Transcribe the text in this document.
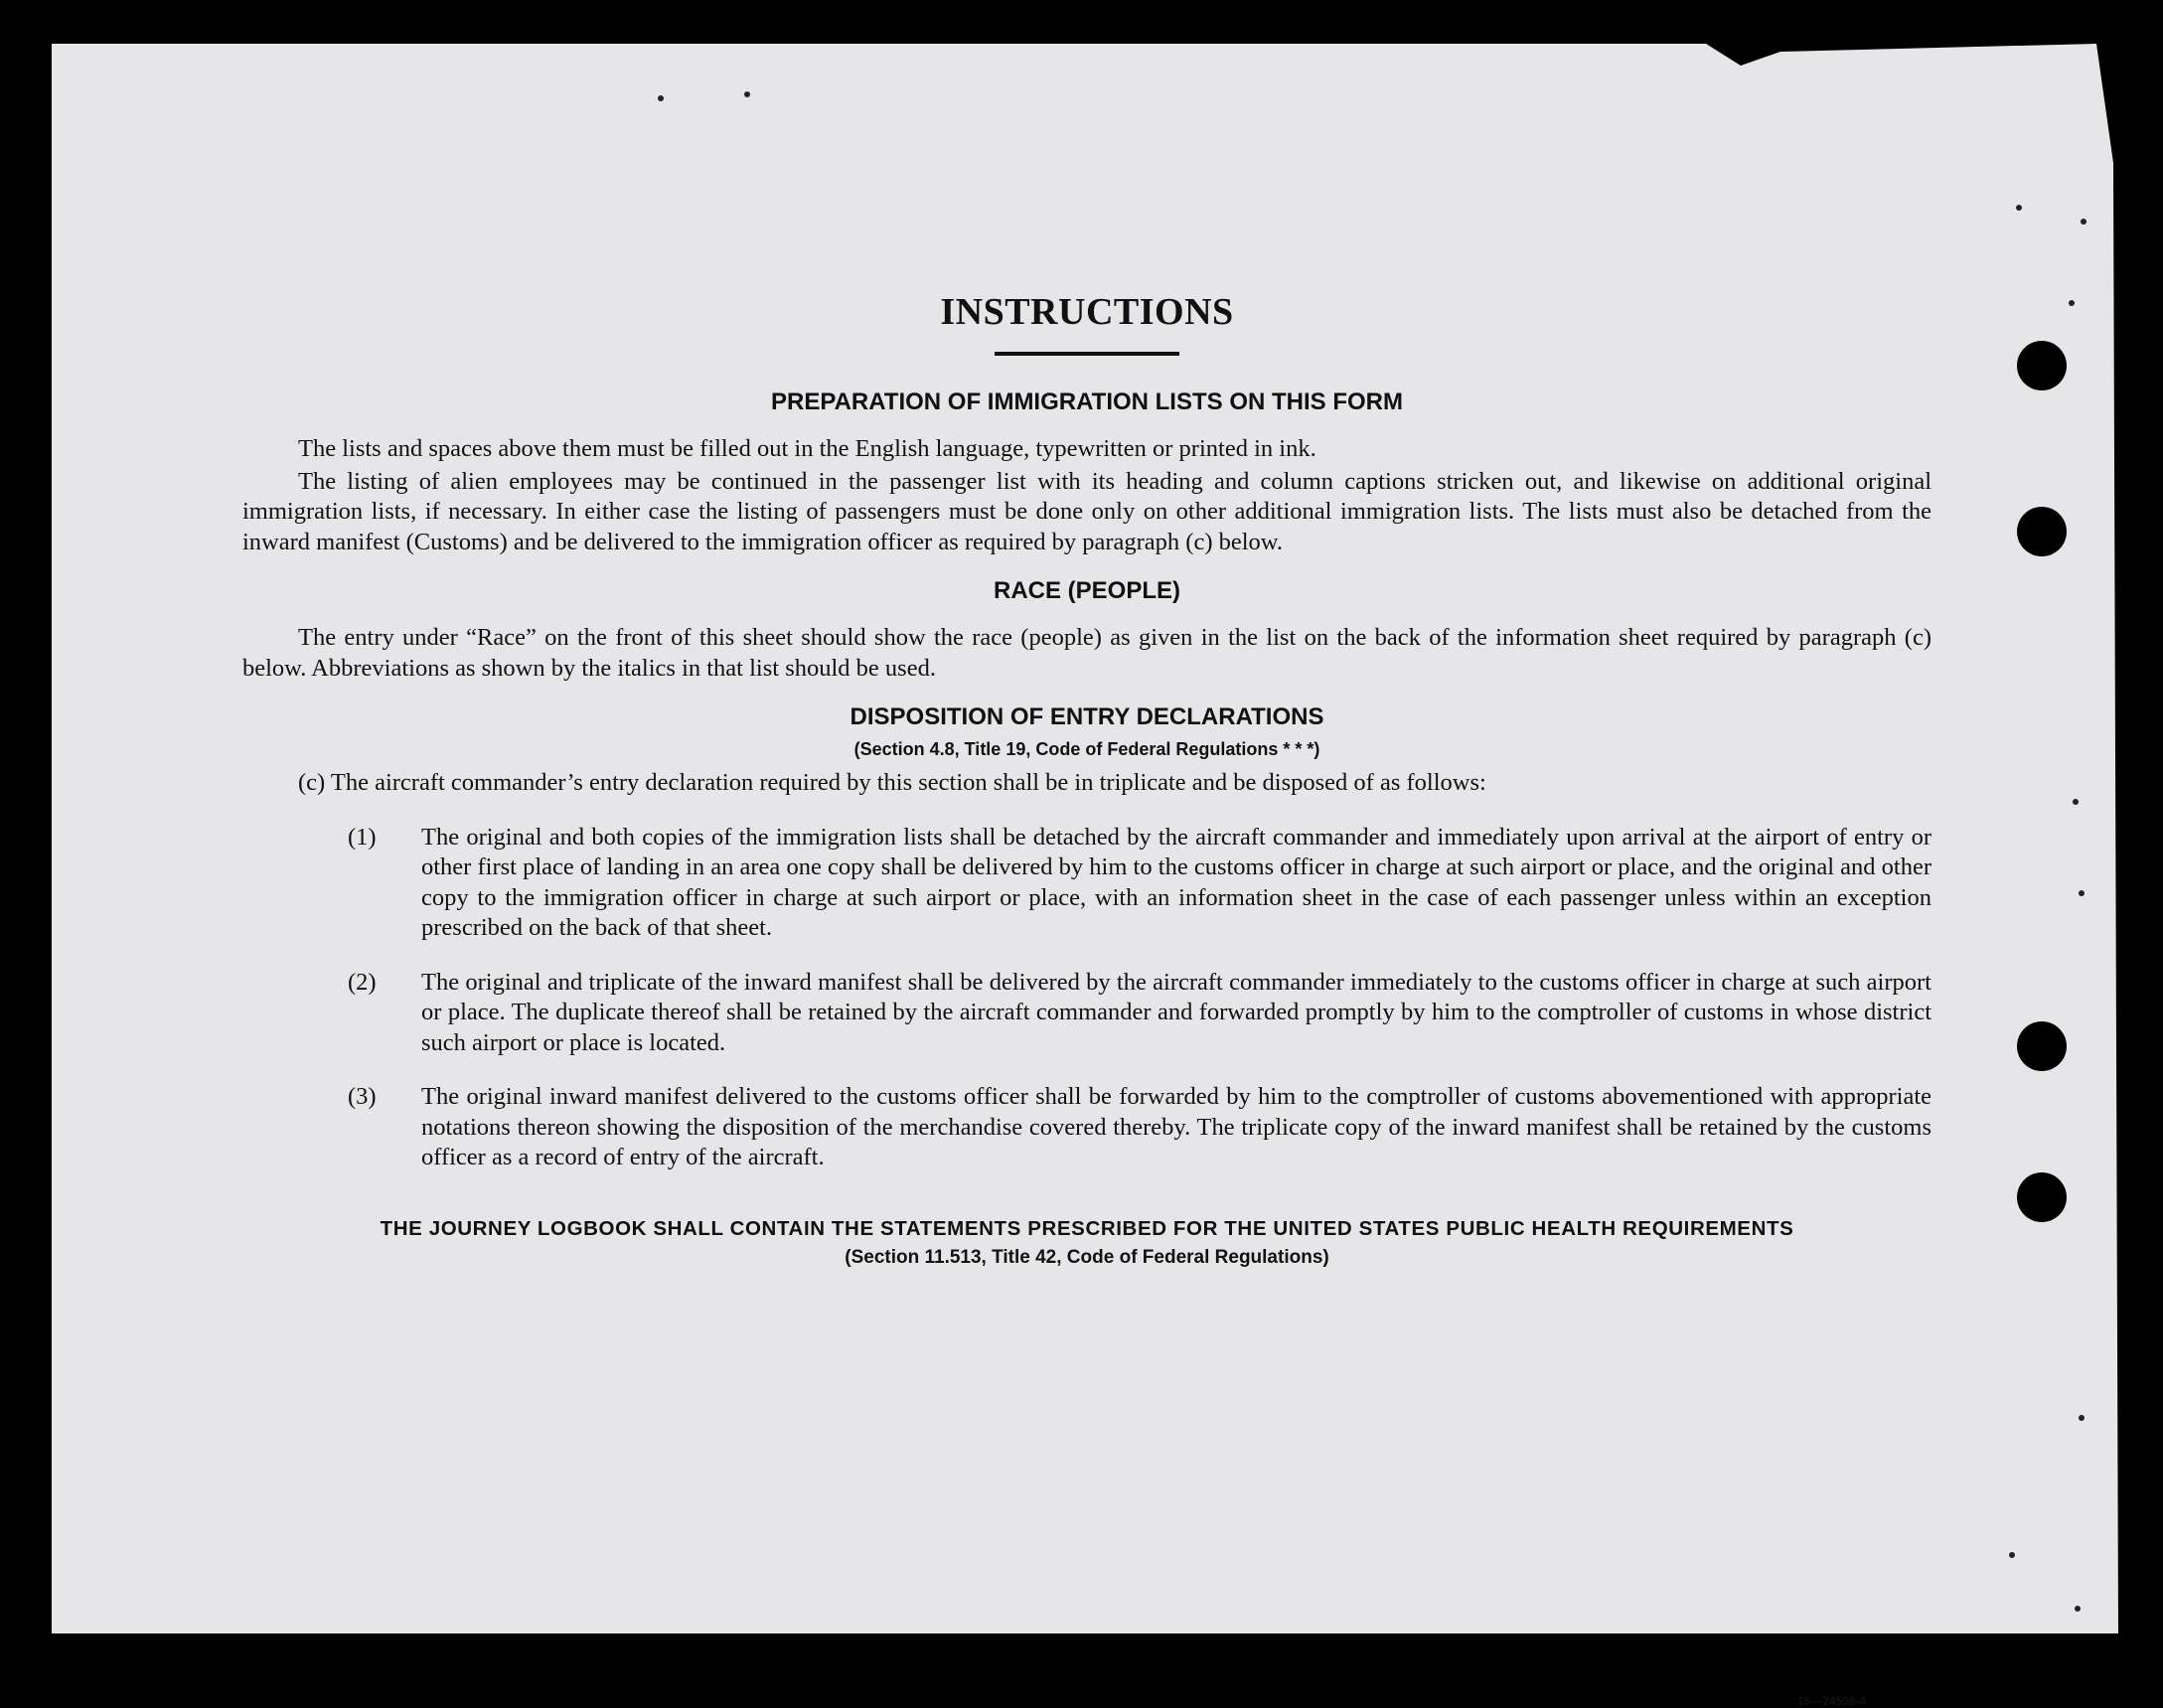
INSTRUCTIONS
PREPARATION OF IMMIGRATION LISTS ON THIS FORM

The lists and spaces above them must be filled out in the English language, typewritten or printed in ink.

The listing of alien employees may be continued in the passenger list with its heading and column captions stricken out, and likewise on additional original immigration lists, if necessary. In either case the listing of passengers must be done only on other additional immigration lists. The lists must also be detached from the inward manifest (Customs) and be delivered to the immigration officer as required by paragraph (c) below.

RACE (PEOPLE)

The entry under “Race” on the front of this sheet should show the race (people) as given in the list on the back of the information sheet required by paragraph (c) below. Abbreviations as shown by the italics in that list should be used.

DISPOSITION OF ENTRY DECLARATIONS
(Section 4.8, Title 19, Code of Federal Regulations * * *)

(c) The aircraft commander’s entry declaration required by this section shall be in triplicate and be disposed of as follows:

(1) The original and both copies of the immigration lists shall be detached by the aircraft commander and immediately upon arrival at the airport of entry or other first place of landing in an area one copy shall be delivered by him to the customs officer in charge at such airport or place, and the original and other copy to the immigration officer in charge at such airport or place, with an information sheet in the case of each passenger unless within an exception prescribed on the back of that sheet.
(2) The original and triplicate of the inward manifest shall be delivered by the aircraft commander immediately to the customs officer in charge at such airport or place. The duplicate thereof shall be retained by the aircraft commander and forwarded promptly by him to the comptroller of customs in whose district such airport or place is located.
(3) The original inward manifest delivered to the customs officer shall be forwarded by him to the comptroller of customs abovementioned with appropriate notations thereon showing the disposition of the merchandise covered thereby. The triplicate copy of the inward manifest shall be retained by the customs officer as a record of entry of the aircraft.
THE JOURNEY LOGBOOK SHALL CONTAIN THE STATEMENTS PRESCRIBED FOR THE UNITED STATES PUBLIC HEALTH REQUIREMENTS
(Section 11.513, Title 42, Code of Federal Regulations)
16—24598-4
